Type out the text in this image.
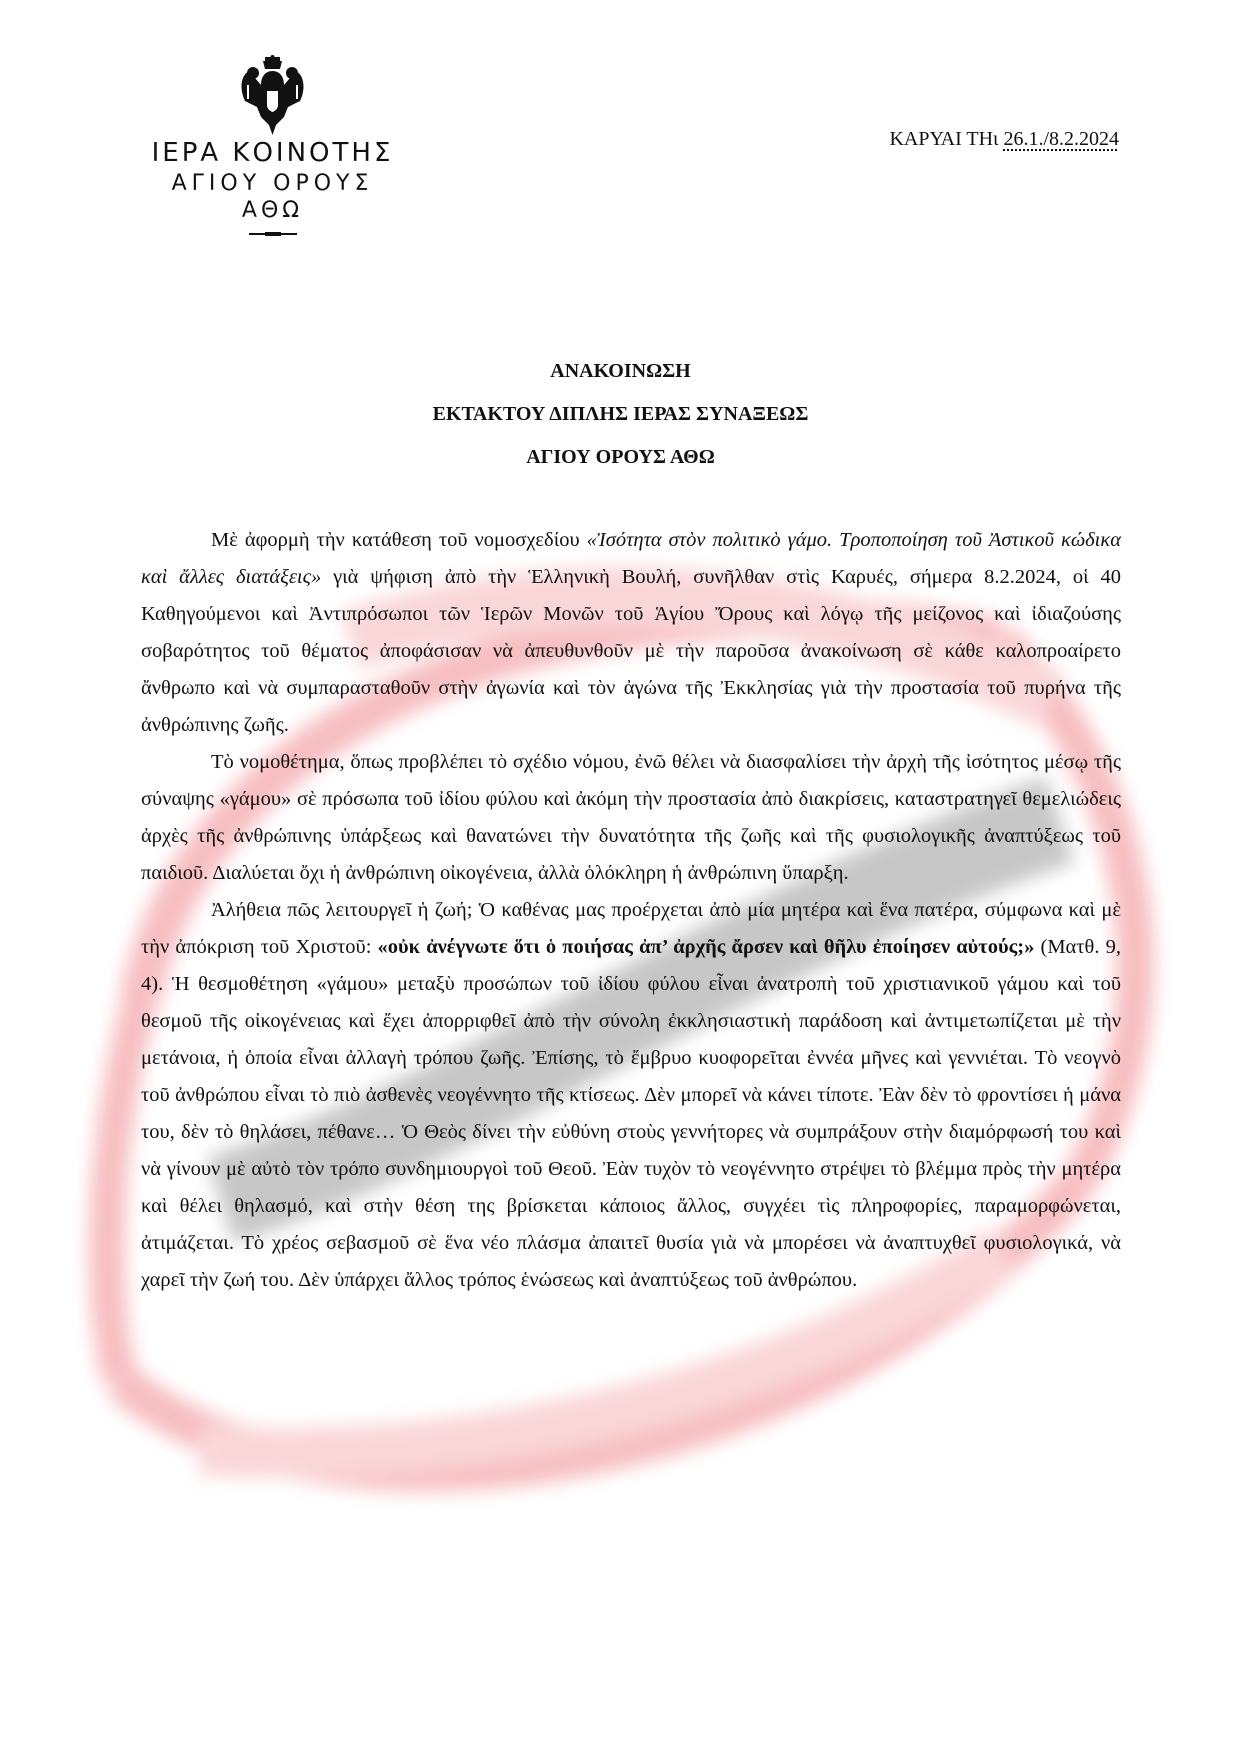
ΙΕΡΑ ΚΟΙΝΟΤΗΣ
ΑΓΙΟΥ ΟΡΟΥΣ
ΑΘΩ
ΚΑΡΥΑΙ ΤΗι 26.1./8.2.2024
ΑΝΑΚΟΙΝΩΣΗ
ΕΚΤΑΚΤΟΥ ΔΙΠΛΗΣ ΙΕΡΑΣ ΣΥΝΑΞΕΩΣ
ΑΓΙΟΥ ΟΡΟΥΣ ΑΘΩ

Μὲ ἀφορμὴ τὴν κατάθεση τοῦ νομοσχεδίου «Ἰσότητα στὸν πολιτικὸ γάμο. Τροποποίηση τοῦ Ἀστικοῦ κώδικα καὶ ἄλλες διατάξεις» γιὰ ψήφιση ἀπὸ τὴν Ἑλληνικὴ Βουλή, συνῆλθαν στὶς Καρυές, σήμερα 8.2.2024, οἱ 40 Καθηγούμενοι καὶ Ἀντιπρόσωποι τῶν Ἱερῶν Μονῶν τοῦ Ἁγίου Ὄρους καὶ λόγῳ τῆς μείζονος καὶ ἰδιαζούσης σοβαρότητος τοῦ θέματος ἀποφάσισαν νὰ ἀπευθυνθοῦν μὲ τὴν παροῦσα ἀνακοίνωση σὲ κάθε καλοπροαίρετο ἄνθρωπο καὶ νὰ συμπαρασταθοῦν στὴν ἀγωνία καὶ τὸν ἀγώνα τῆς Ἐκκλησίας γιὰ τὴν προστασία τοῦ πυρήνα τῆς ἀνθρώπινης ζωῆς.

Τὸ νομοθέτημα, ὅπως προβλέπει τὸ σχέδιο νόμου, ἐνῶ θέλει νὰ διασφαλίσει τὴν ἀρχὴ τῆς ἰσότητος μέσῳ τῆς σύναψης «γάμου» σὲ πρόσωπα τοῦ ἰδίου φύλου καὶ ἀκόμη τὴν προστασία ἀπὸ διακρίσεις, καταστρατηγεῖ θεμελιώδεις ἀρχὲς τῆς ἀνθρώπινης ὑπάρξεως καὶ θανατώνει τὴν δυνατότητα τῆς ζωῆς καὶ τῆς φυσιολογικῆς ἀναπτύξεως τοῦ παιδιοῦ. Διαλύεται ὄχι ἡ ἀνθρώπινη οἰκογένεια, ἀλλὰ ὁλόκληρη ἡ ἀνθρώπινη ὕπαρξη.

Ἀλήθεια πῶς λειτουργεῖ ἡ ζωή; Ὁ καθένας μας προέρχεται ἀπὸ μία μητέρα καὶ ἕνα πατέρα, σύμφωνα καὶ μὲ τὴν ἀπόκριση τοῦ Χριστοῦ: «οὐκ ἀνέγνωτε ὅτι ὁ ποιήσας ἀπ’ ἀρχῆς ἄρσεν καὶ θῆλυ ἐποίησεν αὐτούς;» (Ματθ. 9, 4). Ἡ θεσμοθέτηση «γάμου» μεταξὺ προσώπων τοῦ ἰδίου φύλου εἶναι ἀνατροπὴ τοῦ χριστιανικοῦ γάμου καὶ τοῦ θεσμοῦ τῆς οἰκογένειας καὶ ἔχει ἀπορριφθεῖ ἀπὸ τὴν σύνολη ἐκκλησιαστικὴ παράδοση καὶ ἀντιμετωπίζεται μὲ τὴν μετάνοια, ἡ ὁποία εἶναι ἀλλαγὴ τρόπου ζωῆς. Ἐπίσης, τὸ ἔμβρυο κυοφορεῖται ἐννέα μῆνες καὶ γεννιέται. Τὸ νεογνὸ τοῦ ἀνθρώπου εἶναι τὸ πιὸ ἀσθενὲς νεογέννητο τῆς κτίσεως. Δὲν μπορεῖ νὰ κάνει τίποτε. Ἐὰν δὲν τὸ φροντίσει ἡ μάνα του, δὲν τὸ θηλάσει, πέθανε… Ὁ Θεὸς δίνει τὴν εὐθύνη στοὺς γεννήτορες νὰ συμπράξουν στὴν διαμόρφωσή του καὶ νὰ γίνουν μὲ αὐτὸ τὸν τρόπο συνδημιουργοὶ τοῦ Θεοῦ. Ἐὰν τυχὸν τὸ νεογέννητο στρέψει τὸ βλέμμα πρὸς τὴν μητέρα καὶ θέλει θηλασμό, καὶ στὴν θέση της βρίσκεται κάποιος ἄλλος, συγχέει τὶς πληροφορίες, παραμορφώνεται, ἀτιμάζεται. Τὸ χρέος σεβασμοῦ σὲ ἕνα νέο πλάσμα ἀπαιτεῖ θυσία γιὰ νὰ μπορέσει νὰ ἀναπτυχθεῖ φυσιολογικά, νὰ χαρεῖ τὴν ζωή του. Δὲν ὑπάρχει ἄλλος τρόπος ἑνώσεως καὶ ἀναπτύξεως τοῦ ἀνθρώπου.
